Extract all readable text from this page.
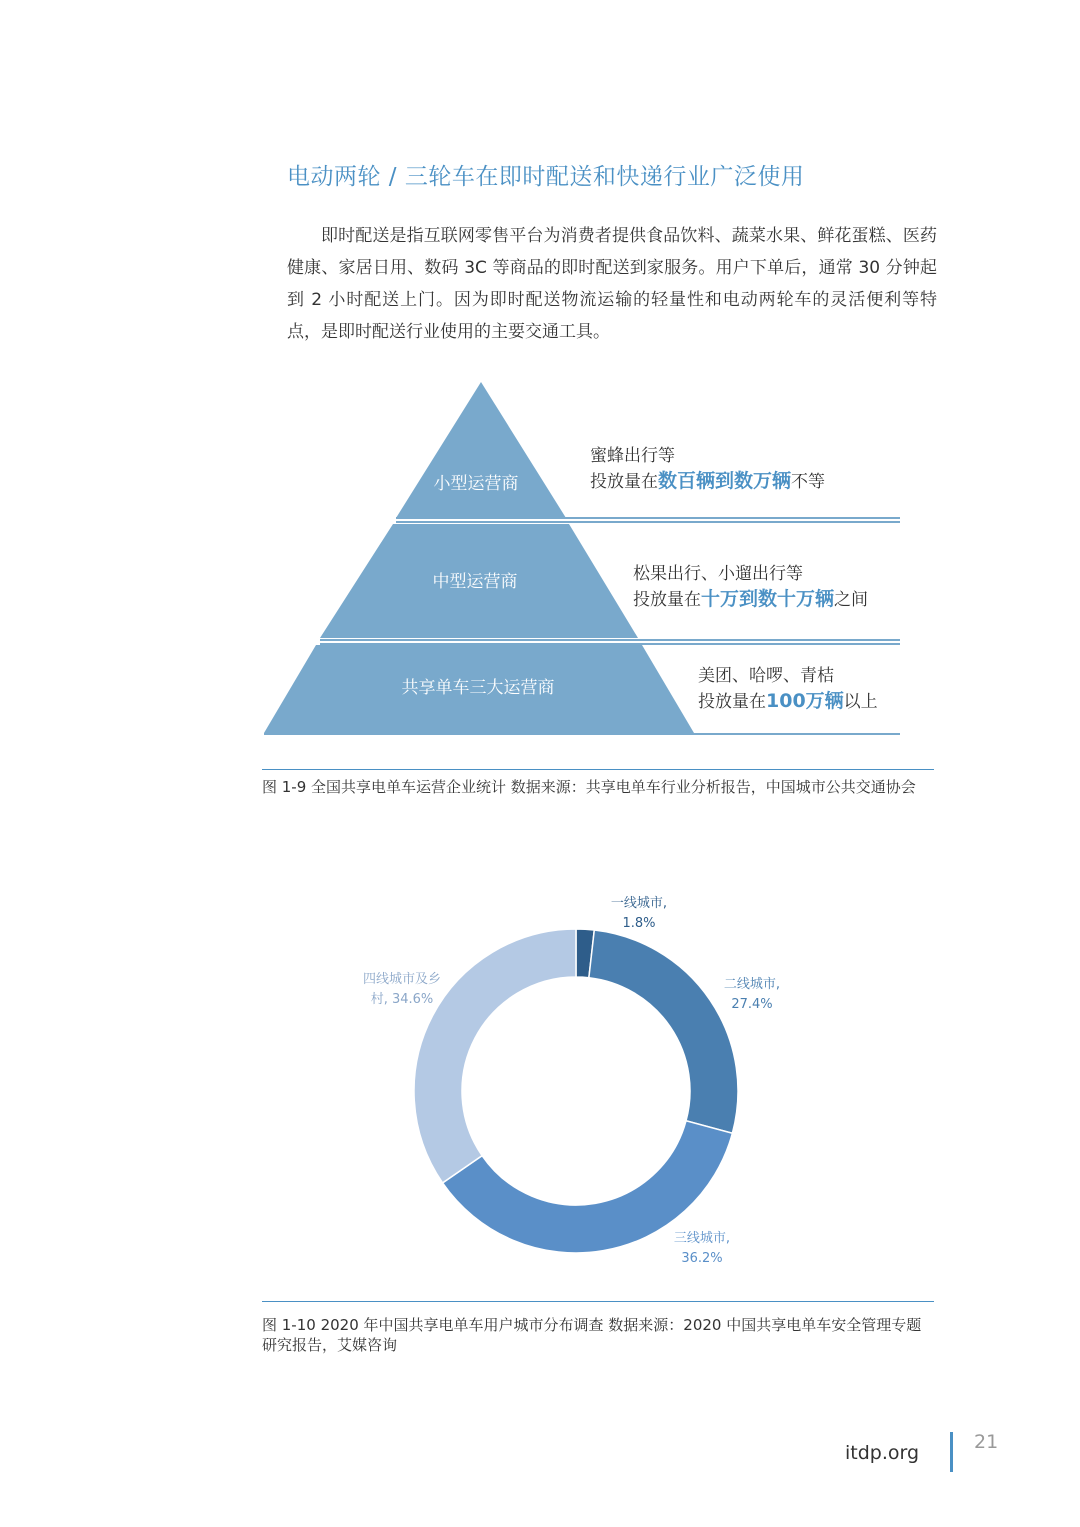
电动两轮 / 三轮车在即时配送和快递行业广泛使用

即时配送是指互联网零售平台为消费者提供食品饮料、蔬菜水果、鲜花蛋糕、医药健康、家居日用、数码 3C 等商品的即时配送到家服务。用户下单后，通常 30 分钟起到 2 小时配送上门。因为即时配送物流运输的轻量性和电动两轮车的灵活便利等特点，是即时配送行业使用的主要交通工具。

小型运营商
中型运营商
共享单车三大运营商
蜜蜂出行等
投放量在数百辆到数万辆不等
松果出行、小遛出行等
投放量在十万到数十万辆之间
美团、哈啰、青桔
投放量在100万辆以上
图 1-9 全国共享电单车运营企业统计 数据来源：共享电单车行业分析报告，中国城市公共交通协会
一线城市,
1.8%
二线城市,
27.4%
三线城市,
36.2%
四线城市及乡
村, 34.6%
图 1-10 2020 年中国共享电单车用户城市分布调查 数据来源：2020 中国共享电单车安全管理专题研究报告，艾媒咨询
itdp.org	21
